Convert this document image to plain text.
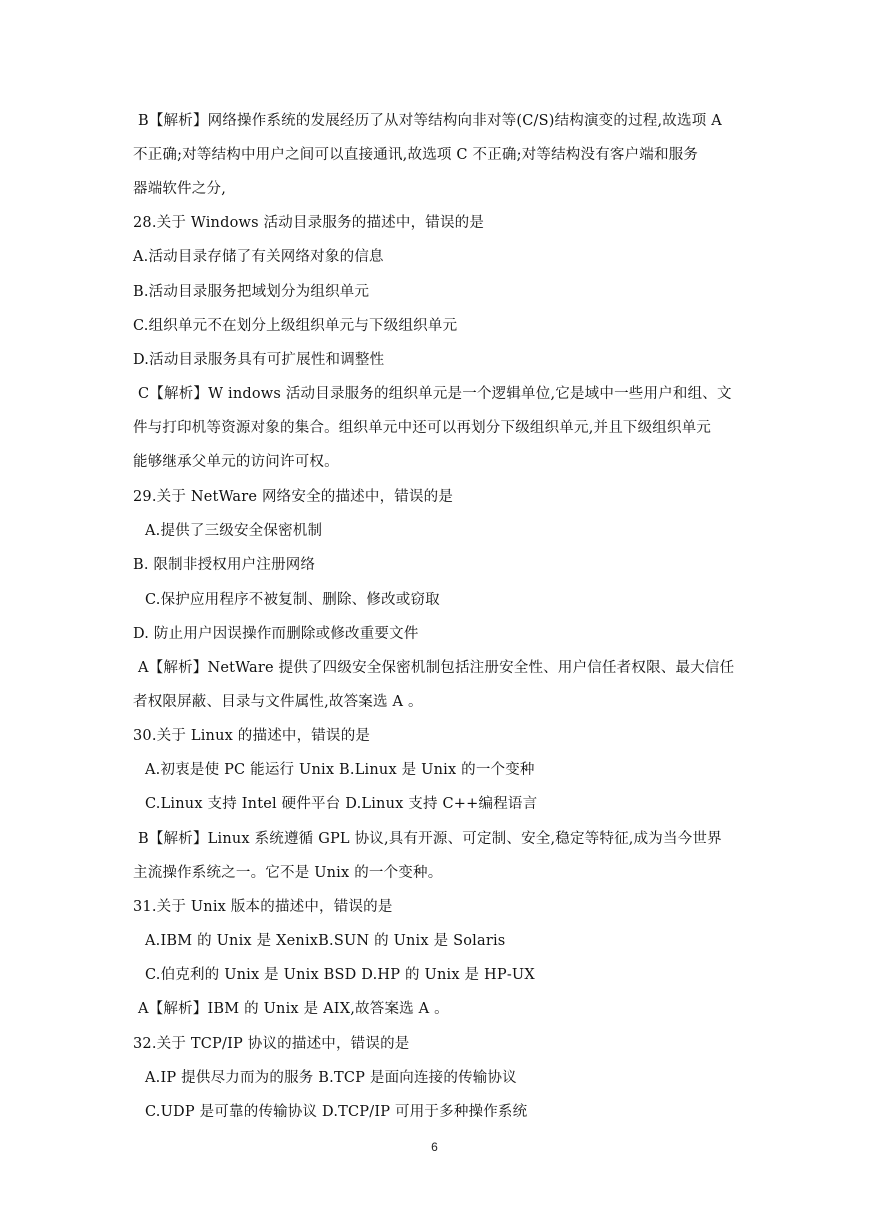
B【解析】网络操作系统的发展经历了从对等结构向非对等(C/S)结构演变的过程,故选项 A
不正确;对等结构中用户之间可以直接通讯,故选项 C 不正确;对等结构没有客户端和服务
器端软件之分,
28.关于 Windows 活动目录服务的描述中，错误的是
A.活动目录存储了有关网络对象的信息
B.活动目录服务把域划分为组织单元
C.组织单元不在划分上级组织单元与下级组织单元
D.活动目录服务具有可扩展性和调整性
C【解析】W indows 活动目录服务的组织单元是一个逻辑单位,它是域中一些用户和组、文
件与打印机等资源对象的集合。组织单元中还可以再划分下级组织单元,并且下级组织单元
能够继承父单元的访问许可权。
29.关于 NetWare 网络安全的描述中，错误的是
A.提供了三级安全保密机制
B. 限制非授权用户注册网络
C.保护应用程序不被复制、删除、修改或窃取
D. 防止用户因误操作而删除或修改重要文件
A【解析】NetWare 提供了四级安全保密机制包括注册安全性、用户信任者权限、最大信任
者权限屏蔽、目录与文件属性,故答案选 A 。
30.关于 Linux 的描述中，错误的是
A.初衷是使 PC 能运行 Unix B.Linux 是 Unix 的一个变种
C.Linux 支持 Intel 硬件平台 D.Linux 支持 C++编程语言
B【解析】Linux 系统遵循 GPL 协议,具有开源、可定制、安全,稳定等特征,成为当今世界
主流操作系统之一。它不是 Unix 的一个变种。
31.关于 Unix 版本的描述中，错误的是
A.IBM 的 Unix 是 XenixB.SUN 的 Unix 是 Solaris
C.伯克利的 Unix 是 Unix BSD D.HP 的 Unix 是 HP‐UX
A【解析】IBM 的 Unix 是 AIX,故答案选 A 。
32.关于 TCP/IP 协议的描述中，错误的是
A.IP 提供尽力而为的服务 B.TCP 是面向连接的传输协议
C.UDP 是可靠的传输协议 D.TCP/IP 可用于多种操作系统
6
